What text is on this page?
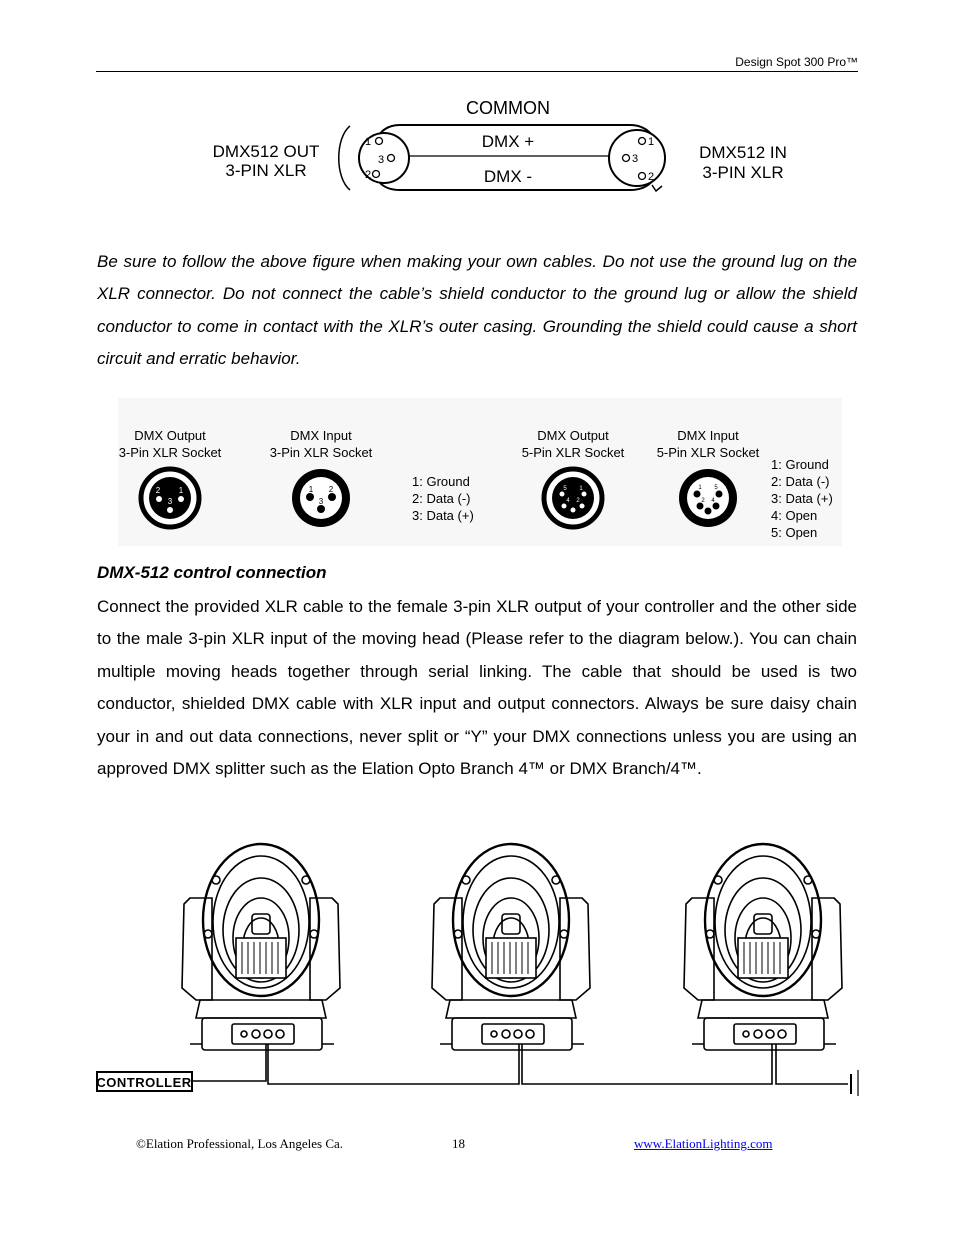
Design Spot 300 Pro™
COMMON
DMX512 OUT
3-PIN XLR
DMX512 IN
3-PIN XLR
1
3
2
1
3
2
DMX +
DMX -
Be sure to follow the above figure when making your own cables. Do not use the ground lug on the XLR connector. Do not connect the cable’s shield conductor to the ground lug or allow the shield conductor to come in contact with the XLR’s outer casing. Grounding the shield could cause a short circuit and erratic behavior.
DMX Output
3-Pin XLR Socket
2 1
3
DMX Input
3-Pin XLR Socket
1 2
3
1: Ground
2: Data (-)
3: Data (+)
DMX Output
5-Pin XLR Socket
5 1
4 2
DMX Input
5-Pin XLR Socket
1 5
2 4
1: Ground
2: Data (-)
3: Data (+)
4: Open
5: Open
DMX-512 control connection
Connect the provided XLR cable to the female 3-pin XLR output of your controller and the other side to the male 3-pin XLR input of the moving head (Please refer to the diagram below.). You can chain multiple moving heads together through serial linking. The cable that should be used is two conductor, shielded DMX cable with XLR input and output connectors. Always be sure daisy chain your in and out data connections, never split or “Y” your DMX connections unless you are using an approved DMX splitter such as the Elation Opto Branch 4™ or DMX Branch/4™.
CONTROLLER
©Elation Professional, Los Angeles Ca.	18	www.ElationLighting.com
